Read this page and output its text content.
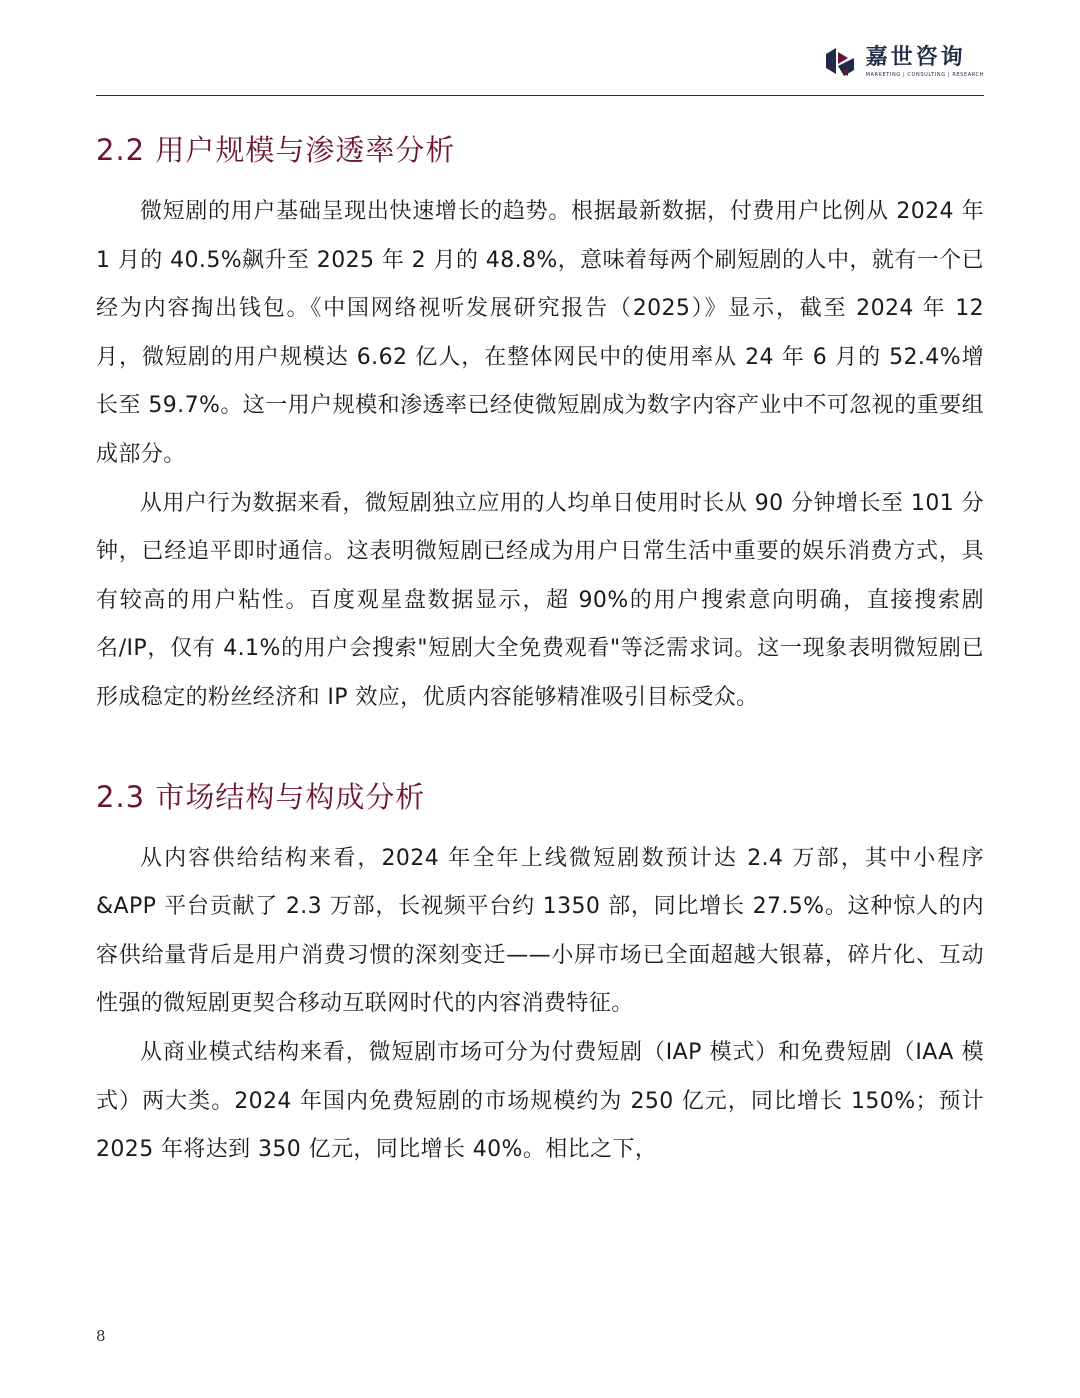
嘉世咨询
MARKETING | CONSULTING | RESEARCH
2.2 用户规模与渗透率分析

微短剧的用户基础呈现出快速增长的趋势。根据最新数据，付费用户比例从 2024 年 1 月的 40.5%飙升至 2025 年 2 月的 48.8%，意味着每两个刷短剧的人中，就有一个已经为内容掏出钱包。《中国网络视听发展研究报告（2025）》显示，截至 2024 年 12 月，微短剧的用户规模达 6.62 亿人，在整体网民中的使用率从 24 年 6 月的 52.4%增长至 59.7%。这一用户规模和渗透率已经使微短剧成为数字内容产业中不可忽视的重要组成部分。

从用户行为数据来看，微短剧独立应用的人均单日使用时长从 90 分钟增长至 101 分钟，已经追平即时通信。这表明微短剧已经成为用户日常生活中重要的娱乐消费方式，具有较高的用户粘性。百度观星盘数据显示，超 90%的用户搜索意向明确，直接搜索剧名/IP，仅有 4.1%的用户会搜索"短剧大全免费观看"等泛需求词。这一现象表明微短剧已形成稳定的粉丝经济和 IP 效应，优质内容能够精准吸引目标受众。

2.3 市场结构与构成分析

从内容供给结构来看，2024 年全年上线微短剧数预计达 2.4 万部，其中小程序&APP 平台贡献了 2.3 万部，长视频平台约 1350 部，同比增长 27.5%。这种惊人的内容供给量背后是用户消费习惯的深刻变迁——小屏市场已全面超越大银幕，碎片化、互动性强的微短剧更契合移动互联网时代的内容消费特征。

从商业模式结构来看，微短剧市场可分为付费短剧（IAP 模式）和免费短剧（IAA 模式）两大类。2024 年国内免费短剧的市场规模约为 250 亿元，同比增长 150%；预计 2025 年将达到 350 亿元，同比增长 40%。相比之下，

8
